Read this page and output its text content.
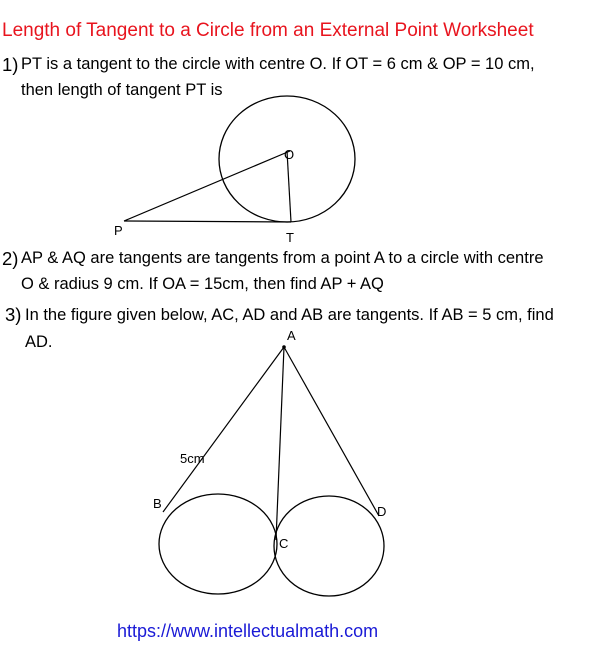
Length of Tangent to a Circle from an External Point Worksheet
1) PT is a tangent to the circle with centre O. If OT = 6 cm & OP = 10 cm,
then length of tangent PT is
O
P	T
A
B
C
D
5cm
2) AP & AQ are tangents are tangents from a point A to a circle with centre
O & radius 9 cm. If OA = 15cm, then find AP + AQ
3) In the figure given below, AC, AD and AB are tangents. If AB = 5 cm, find
AD.
https://www.intellectualmath.com
